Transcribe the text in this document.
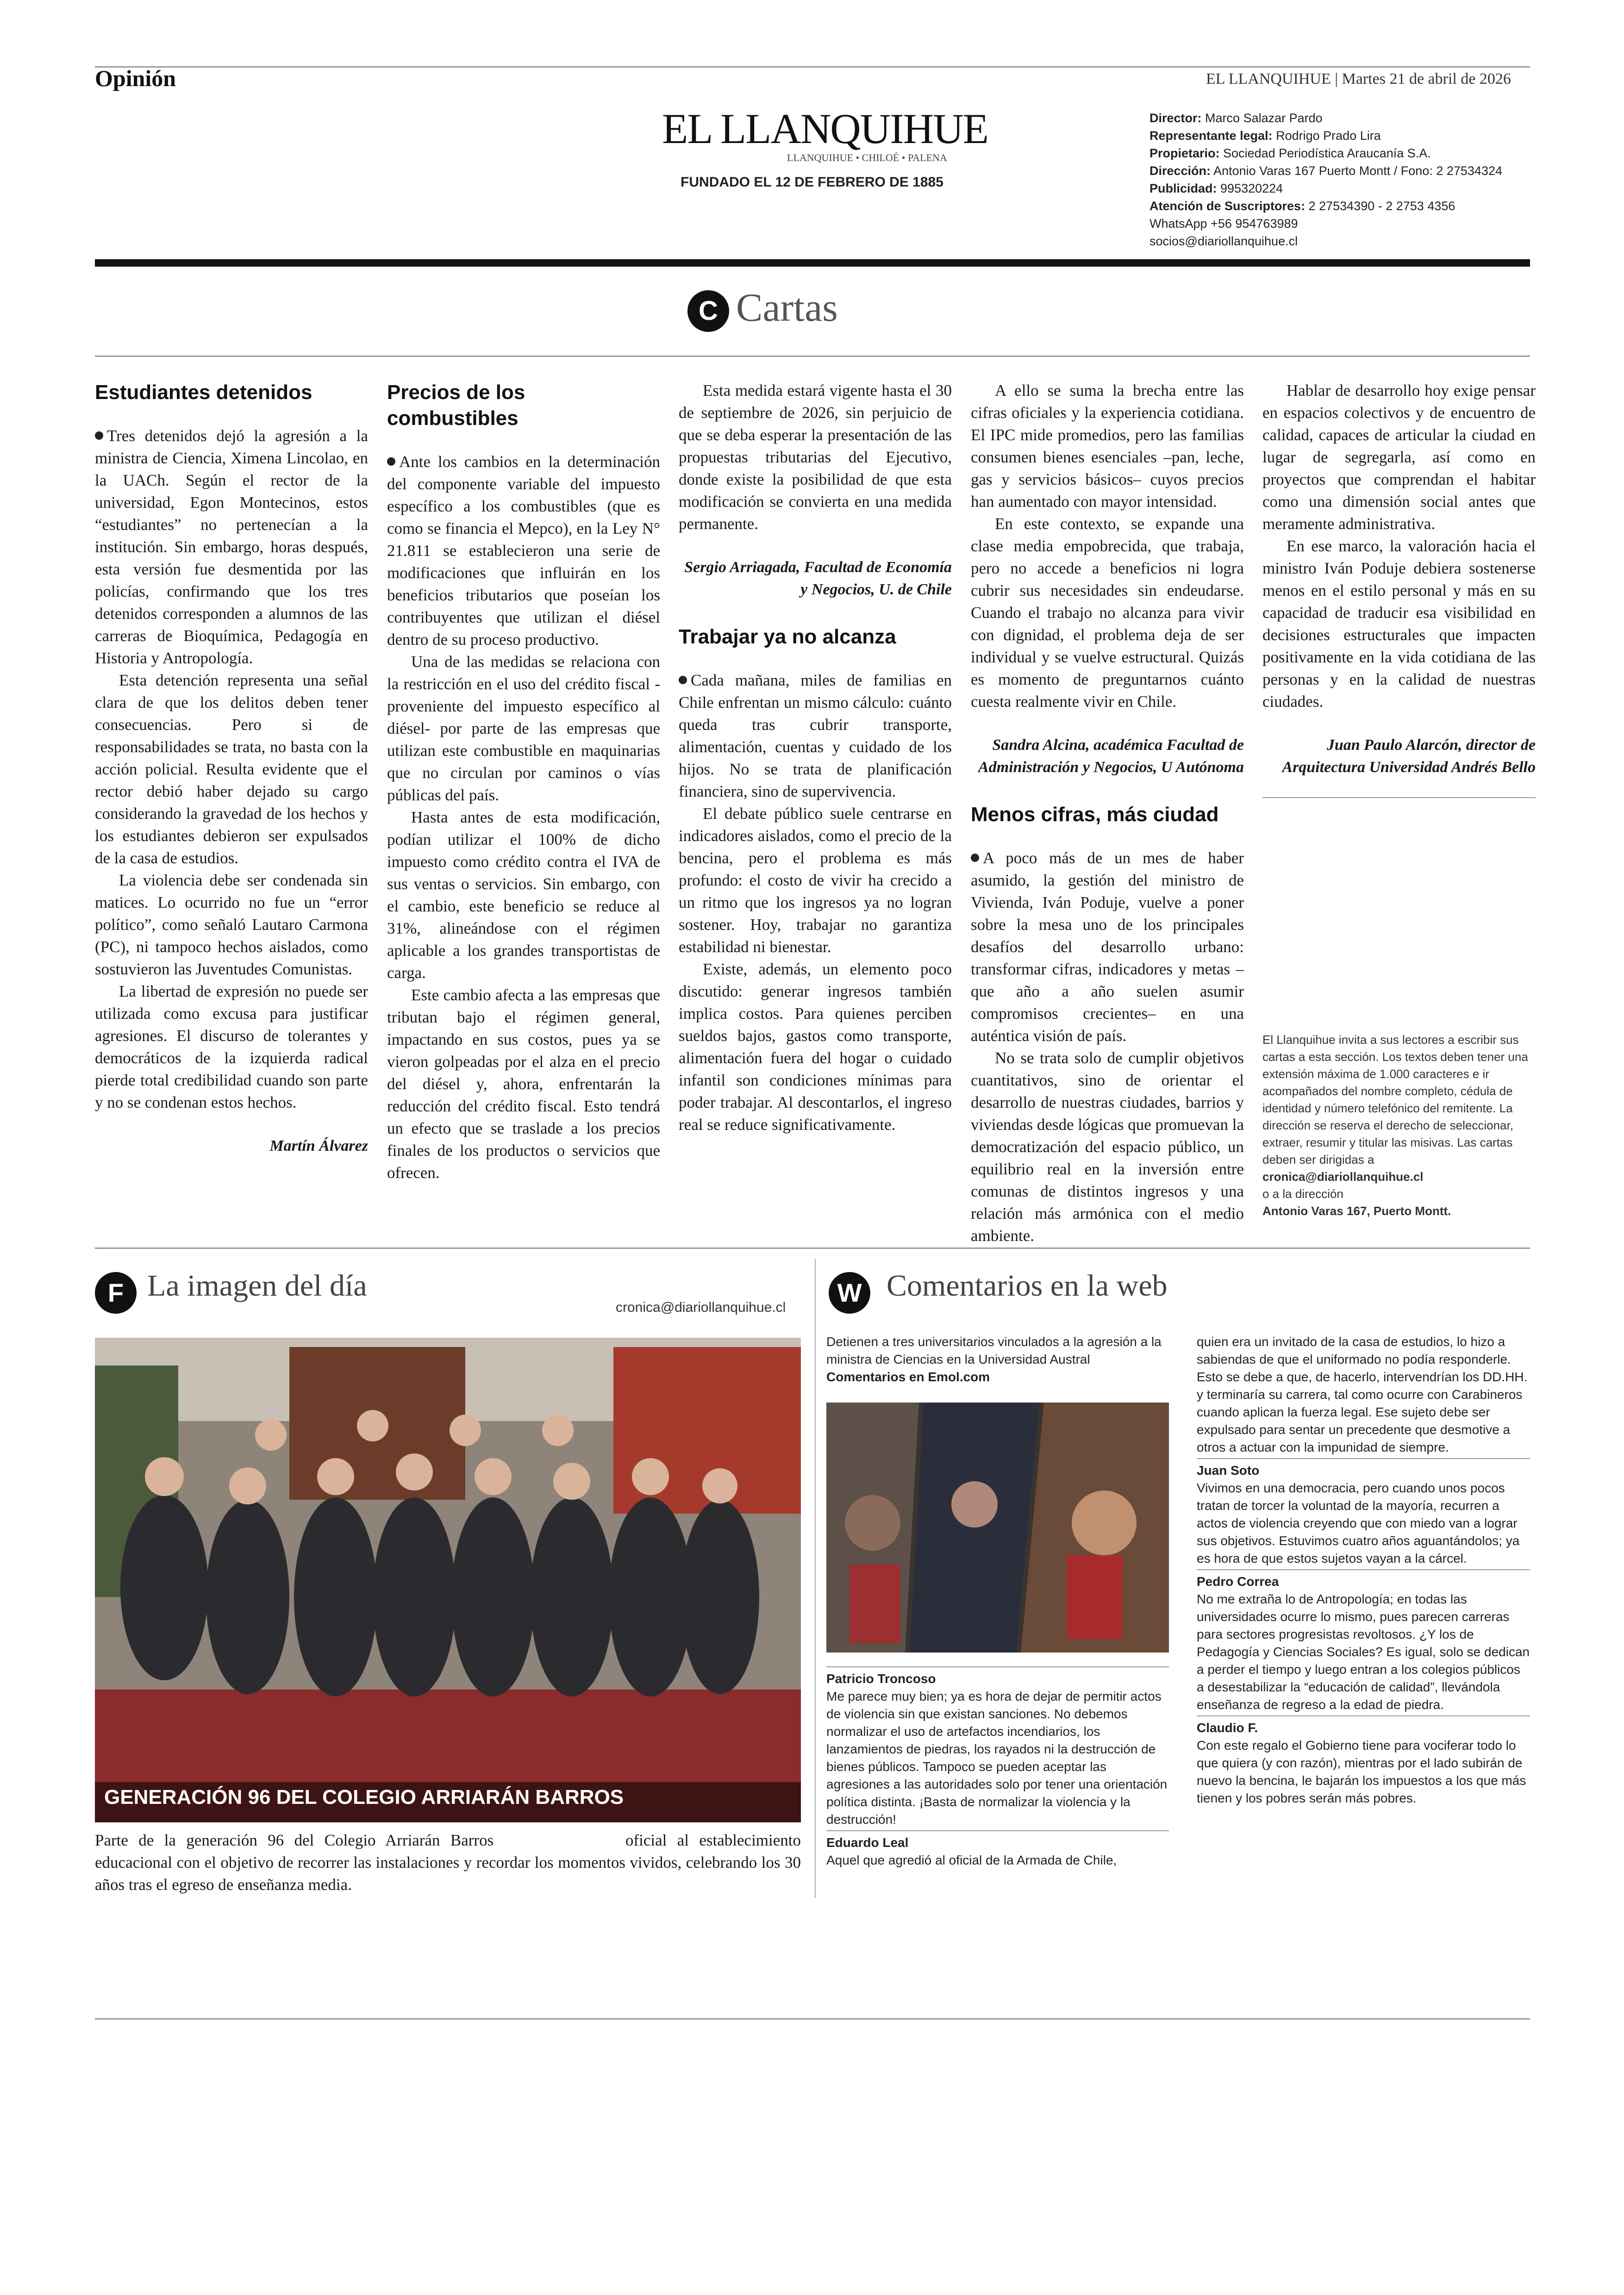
Opinión	EL LLANQUIHUE | Martes 21 de abril de 2026
EL LLANQUIHUE
LLANQUIHUE • CHILOÉ • PALENA
FUNDADO EL 12 DE FEBRERO DE 1885
Director: Marco Salazar Pardo
Representante legal: Rodrigo Prado Lira
Propietario: Sociedad Periodística Araucanía S.A.
Dirección: Antonio Varas 167 Puerto Montt / Fono: 2 27534324
Publicidad: 995320224
Atención de Suscriptores: 2 27534390 - 2 2753 4356
WhatsApp +56 954763989
socios@diariollanquihue.cl
C Cartas
Estudiantes detenidos

Tres detenidos dejó la agresión a la ministra de Ciencia, Ximena Lincolao, en la UACh. Según el rector de la universidad, Egon Montecinos, estos “estudiantes” no pertenecían a la institución. Sin embargo, horas después, esta versión fue desmentida por las policías, confirmando que los tres detenidos corresponden a alumnos de las carreras de Bioquímica, Pedagogía en Historia y Antropología.

Esta detención representa una señal clara de que los delitos deben tener consecuencias. Pero si de responsabilidades se trata, no basta con la acción policial. Resulta evidente que el rector debió haber dejado su cargo considerando la gravedad de los hechos y los estudiantes debieron ser expulsados de la casa de estudios.

La violencia debe ser condenada sin matices. Lo ocurrido no fue un “error político”, como señaló Lautaro Carmona (PC), ni tampoco hechos aislados, como sostuvieron las Juventudes Comunistas.

La libertad de expresión no puede ser utilizada como excusa para justificar agresiones. El discurso de tolerantes y democráticos de la izquierda radical pierde total credibilidad cuando son parte y no se condenan estos hechos.

Martín Álvarez
Precios de los combustibles

Ante los cambios en la determinación del componente variable del impuesto específico a los combustibles (que es como se financia el Mepco), en la Ley N° 21.811 se establecieron una serie de modificaciones que influirán en los beneficios tributarios que poseían los contribuyentes que utilizan el diésel dentro de su proceso productivo.

Una de las medidas se relaciona con la restricción en el uso del crédito fiscal -proveniente del impuesto específico al diésel- por parte de las empresas que utilizan este combustible en maquinarias que no circulan por caminos o vías públicas del país.

Hasta antes de esta modificación, podían utilizar el 100% de dicho impuesto como crédito contra el IVA de sus ventas o servicios. Sin embargo, con el cambio, este beneficio se reduce al 31%, alineándose con el régimen aplicable a los grandes transportistas de carga.

Este cambio afecta a las empresas que tributan bajo el régimen general, impactando en sus costos, pues ya se vieron golpeadas por el alza en el precio del diésel y, ahora, enfrentarán la reducción del crédito fiscal. Esto tendrá un efecto que se traslade a los precios finales de los productos o servicios que ofrecen.

Esta medida estará vigente hasta el 30 de septiembre de 2026, sin perjuicio de que se deba esperar la presentación de las propuestas tributarias del Ejecutivo, donde existe la posibilidad de que esta modificación se convierta en una medida permanente.

Sergio Arriagada, Facultad de Economía y Negocios, U. de Chile
Trabajar ya no alcanza

Cada mañana, miles de familias en Chile enfrentan un mismo cálculo: cuánto queda tras cubrir transporte, alimentación, cuentas y cuidado de los hijos. No se trata de planificación financiera, sino de supervivencia.

El debate público suele centrarse en indicadores aislados, como el precio de la bencina, pero el problema es más profundo: el costo de vivir ha crecido a un ritmo que los ingresos ya no logran sostener. Hoy, trabajar no garantiza estabilidad ni bienestar.

Existe, además, un elemento poco discutido: generar ingresos también implica costos. Para quienes perciben sueldos bajos, gastos como transporte, alimentación fuera del hogar o cuidado infantil son condiciones mínimas para poder trabajar. Al descontarlos, el ingreso real se reduce significativamente.

A ello se suma la brecha entre las cifras oficiales y la experiencia cotidiana. El IPC mide promedios, pero las familias consumen bienes esenciales –pan, leche, gas y servicios básicos– cuyos precios han aumentado con mayor intensidad.

En este contexto, se expande una clase media empobrecida, que trabaja, pero no accede a beneficios ni logra cubrir sus necesidades sin endeudarse. Cuando el trabajo no alcanza para vivir con dignidad, el problema deja de ser individual y se vuelve estructural. Quizás es momento de preguntarnos cuánto cuesta realmente vivir en Chile.

Sandra Alcina, académica Facultad de Administración y Negocios, U Autónoma
Menos cifras, más ciudad

A poco más de un mes de haber asumido, la gestión del ministro de Vivienda, Iván Poduje, vuelve a poner sobre la mesa uno de los principales desafíos del desarrollo urbano: transformar cifras, indicadores y metas –que año a año suelen asumir compromisos crecientes– en una auténtica visión de país.

No se trata solo de cumplir objetivos cuantitativos, sino de orientar el desarrollo de nuestras ciudades, barrios y viviendas desde lógicas que promuevan la democratización del espacio público, un equilibrio real en la inversión entre comunas de distintos ingresos y una relación más armónica con el medio ambiente.

Hablar de desarrollo hoy exige pensar en espacios colectivos y de encuentro de calidad, capaces de articular la ciudad en lugar de segregarla, así como en proyectos que comprendan el habitar como una dimensión social antes que meramente administrativa.

En ese marco, la valoración hacia el ministro Iván Poduje debiera sostenerse menos en el estilo personal y más en su capacidad de traducir esa visibilidad en decisiones estructurales que impacten positivamente en la vida cotidiana de las personas y en la calidad de nuestras ciudades.

Juan Paulo Alarcón, director de Arquitectura Universidad Andrés Bello
El Llanquihue invita a sus lectores a escribir sus cartas a esta sección. Los textos deben tener una extensión máxima de 1.000 caracteres e ir acompañados del nombre completo, cédula de identidad y número telefónico del remitente. La dirección se reserva el derecho de seleccionar, extraer, resumir y titular las misivas. Las cartas deben ser dirigidas a
cronica@diariollanquihue.cl
o a la dirección
Antonio Varas 167, Puerto Montt.
F La imagen del día
cronica@diariollanquihue.cl
GENERACIÓN 96 DEL COLEGIO ARRIARÁN BARROS
Parte de la generación 96 del Colegio Arriarán Barros	oficial al establecimiento educacional con el objetivo de recorrer las instalaciones y recordar los momentos vividos, celebrando los 30 años tras el egreso de enseñanza media.
W Comentarios en la web
Detienen a tres universitarios vinculados a la agresión a la ministra de Ciencias en la Universidad Austral
Comentarios en Emol.com

Patricio Troncoso
Me parece muy bien; ya es hora de dejar de permitir actos de violencia sin que existan sanciones. No debemos normalizar el uso de artefactos incendiarios, los lanzamientos de piedras, los rayados ni la destrucción de bienes públicos. Tampoco se pueden aceptar las agresiones a las autoridades solo por tener una orientación política distinta. ¡Basta de normalizar la violencia y la destrucción!

Eduardo Leal
Aquel que agredió al oficial de la Armada de Chile,

quien era un invitado de la casa de estudios, lo hizo a sabiendas de que el uniformado no podía responderle. Esto se debe a que, de hacerlo, intervendrían los DD.HH. y terminaría su carrera, tal como ocurre con Carabineros cuando aplican la fuerza legal. Ese sujeto debe ser expulsado para sentar un precedente que desmotive a otros a actuar con la impunidad de siempre.

Juan Soto
Vivimos en una democracia, pero cuando unos pocos tratan de torcer la voluntad de la mayoría, recurren a actos de violencia creyendo que con miedo van a lograr sus objetivos. Estuvimos cuatro años aguantándolos; ya es hora de que estos sujetos vayan a la cárcel.

Pedro Correa
No me extraña lo de Antropología; en todas las universidades ocurre lo mismo, pues parecen carreras para sectores progresistas revoltosos. ¿Y los de Pedagogía y Ciencias Sociales? Es igual, solo se dedican a perder el tiempo y luego entran a los colegios públicos a desestabilizar la “educación de calidad”, llevándola enseñanza de regreso a la edad de piedra.

Claudio F.
Con este regalo el Gobierno tiene para vociferar todo lo que quiera (y con razón), mientras por el lado subirán de nuevo la bencina, le bajarán los impuestos a los que más tienen y los pobres serán más pobres.
